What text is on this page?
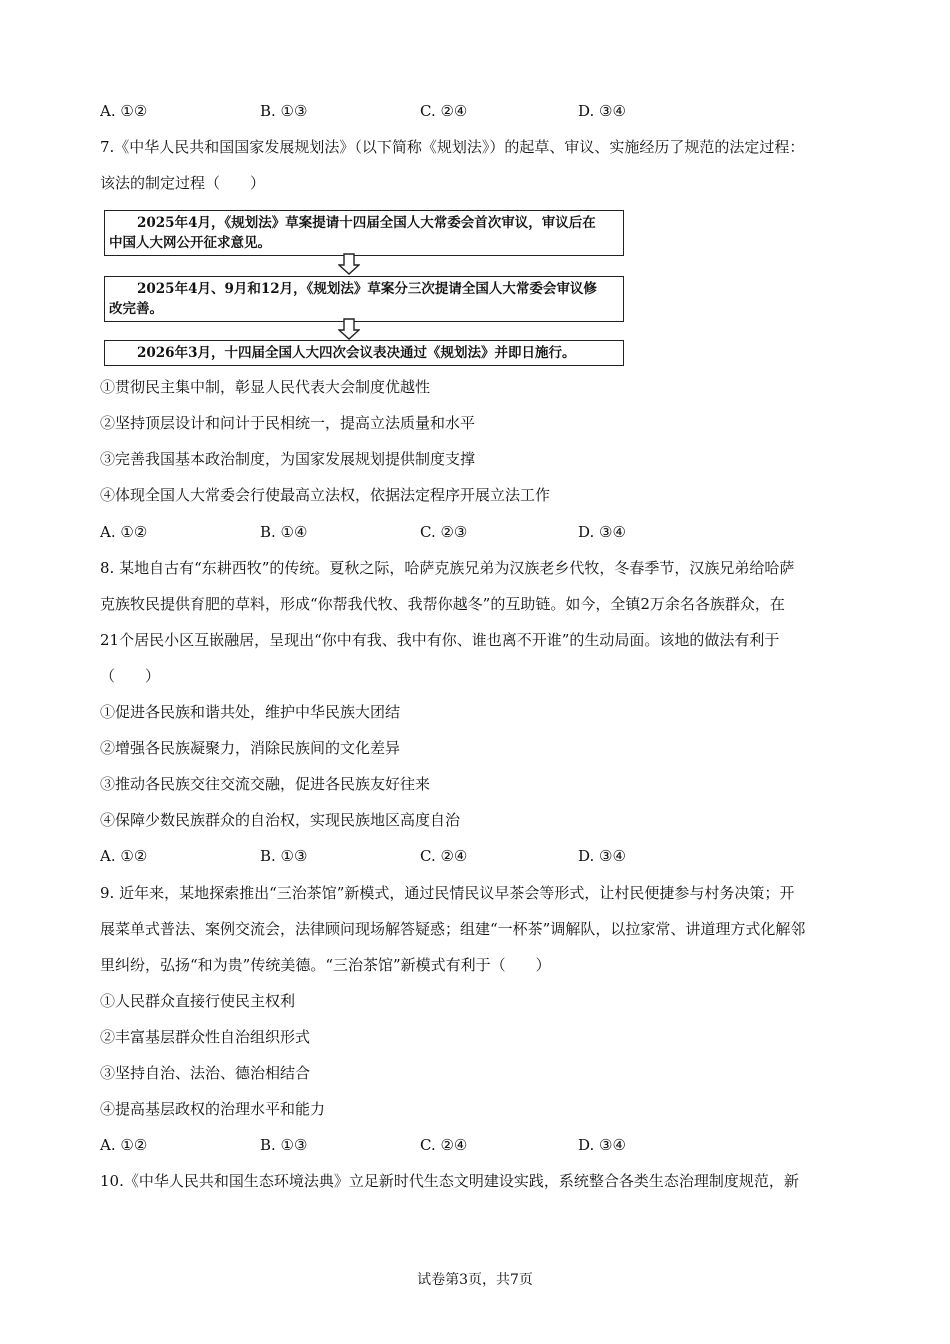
A. ①②	B. ①③	C. ②④	D. ③④
7.《中华人民共和国国家发展规划法》（以下简称《规划法》）的起草、审议、实施经历了规范的法定过程：
该法的制定过程（　　）
2025年4月，《规划法》草案提请十四届全国人大常委会首次审议，审议后在
中国人大网公开征求意见。
2025年4月、9月和12月，《规划法》草案分三次提请全国人大常委会审议修
改完善。
2026年3月，十四届全国人大四次会议表决通过《规划法》并即日施行。
①贯彻民主集中制，彰显人民代表大会制度优越性
②坚持顶层设计和问计于民相统一，提高立法质量和水平
③完善我国基本政治制度，为国家发展规划提供制度支撑
④体现全国人大常委会行使最高立法权，依据法定程序开展立法工作
A. ①②	B. ①④	C. ②③	D. ③④
8. 某地自古有“东耕西牧”的传统。夏秋之际，哈萨克族兄弟为汉族老乡代牧，冬春季节，汉族兄弟给哈萨
克族牧民提供育肥的草料，形成“你帮我代牧、我帮你越冬”的互助链。如今，全镇2万余名各族群众，在
21个居民小区互嵌融居，呈现出“你中有我、我中有你、谁也离不开谁”的生动局面。该地的做法有利于
（　　）
①促进各民族和谐共处，维护中华民族大团结
②增强各民族凝聚力，消除民族间的文化差异
③推动各民族交往交流交融，促进各民族友好往来
④保障少数民族群众的自治权，实现民族地区高度自治
A. ①②	B. ①③	C. ②④	D. ③④
9. 近年来，某地探索推出“三治茶馆”新模式，通过民情民议早茶会等形式，让村民便捷参与村务决策；开
展菜单式普法、案例交流会，法律顾问现场解答疑惑；组建“一杯茶”调解队，以拉家常、讲道理方式化解邻
里纠纷，弘扬“和为贵”传统美德。“三治茶馆”新模式有利于（　　）
①人民群众直接行使民主权利
②丰富基层群众性自治组织形式
③坚持自治、法治、德治相结合
④提高基层政权的治理水平和能力
A. ①②	B. ①③	C. ②④	D. ③④
10.《中华人民共和国生态环境法典》立足新时代生态文明建设实践，系统整合各类生态治理制度规范，新
试卷第3页，共7页
